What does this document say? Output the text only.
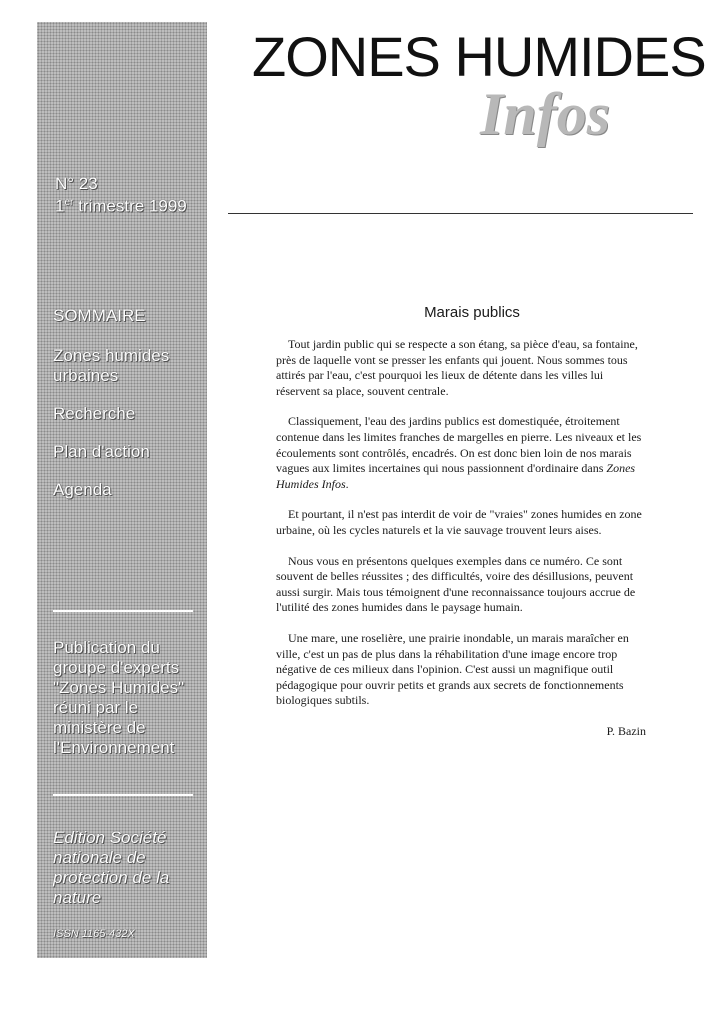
N° 23
1er trimestre 1999
SOMMAIRE
Zones humides urbaines
Recherche
Plan d'action
Agenda
Publication du groupe d'experts "Zones Humides" réuni par le ministère de l'Environnement
Edition Société nationale de protection de la nature
ISSN 1165-432X
ZONES HUMIDES
Infos
Marais publics

Tout jardin public qui se respecte a son étang, sa pièce d'eau, sa fontaine, près de laquelle vont se presser les enfants qui jouent. Nous sommes tous attirés par l'eau, c'est pourquoi les lieux de détente dans les villes lui réservent sa place, souvent centrale.

Classiquement, l'eau des jardins publics est domestiquée, étroitement contenue dans les limites franches de margelles en pierre. Les niveaux et les écoulements sont contrôlés, encadrés. On est donc bien loin de nos marais vagues aux limites incertaines qui nous passionnent d'ordinaire dans Zones Humides Infos.

Et pourtant, il n'est pas interdit de voir de "vraies" zones humides en zone urbaine, où les cycles naturels et la vie sauvage trouvent leurs aises.

Nous vous en présentons quelques exemples dans ce numéro. Ce sont souvent de belles réussites ; des difficultés, voire des désillusions, peuvent aussi surgir. Mais tous témoignent d'une reconnaissance toujours accrue de l'utilité des zones humides dans le paysage humain.

Une mare, une roselière, une prairie inondable, un marais maraîcher en ville, c'est un pas de plus dans la réhabilitation d'une image encore trop négative de ces milieux dans l'opinion. C'est aussi un magnifique outil pédagogique pour ouvrir petits et grands aux secrets de fonctionnements biologiques subtils.

P. Bazin
